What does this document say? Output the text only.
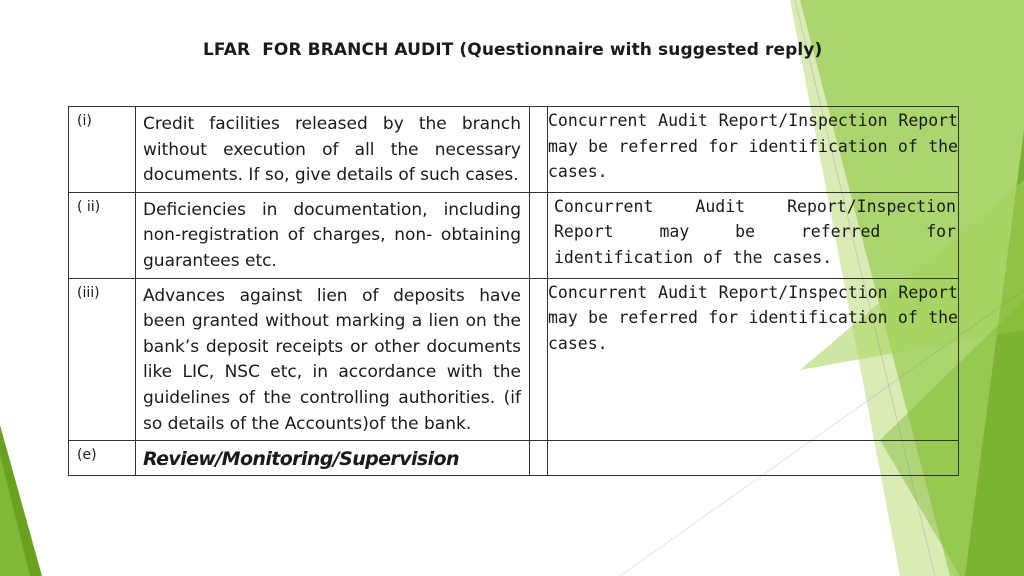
LFAR FOR BRANCH AUDIT (Questionnaire with suggested reply)
(i)	Credit facilities released by the branch without execution of all the necessary documents. If so, give details of such cases.		Concurrent Audit Report/Inspection Report may be referred for identification of the cases.
( ii)	Deficiencies in documentation, including non-registration of charges, non- obtaining guarantees etc.		Concurrent Audit Report/Inspection Report may be referred for identification of the cases.
(iii)	Advances against lien of deposits have been granted without marking a lien on the bank’s deposit receipts or other documents like LIC, NSC etc, in accordance with the guidelines of the controlling authorities. (if so details of the Accounts)of the bank.		Concurrent Audit Report/Inspection Report may be referred for identification of the cases.
(e)	Review/Monitoring/Supervision		
